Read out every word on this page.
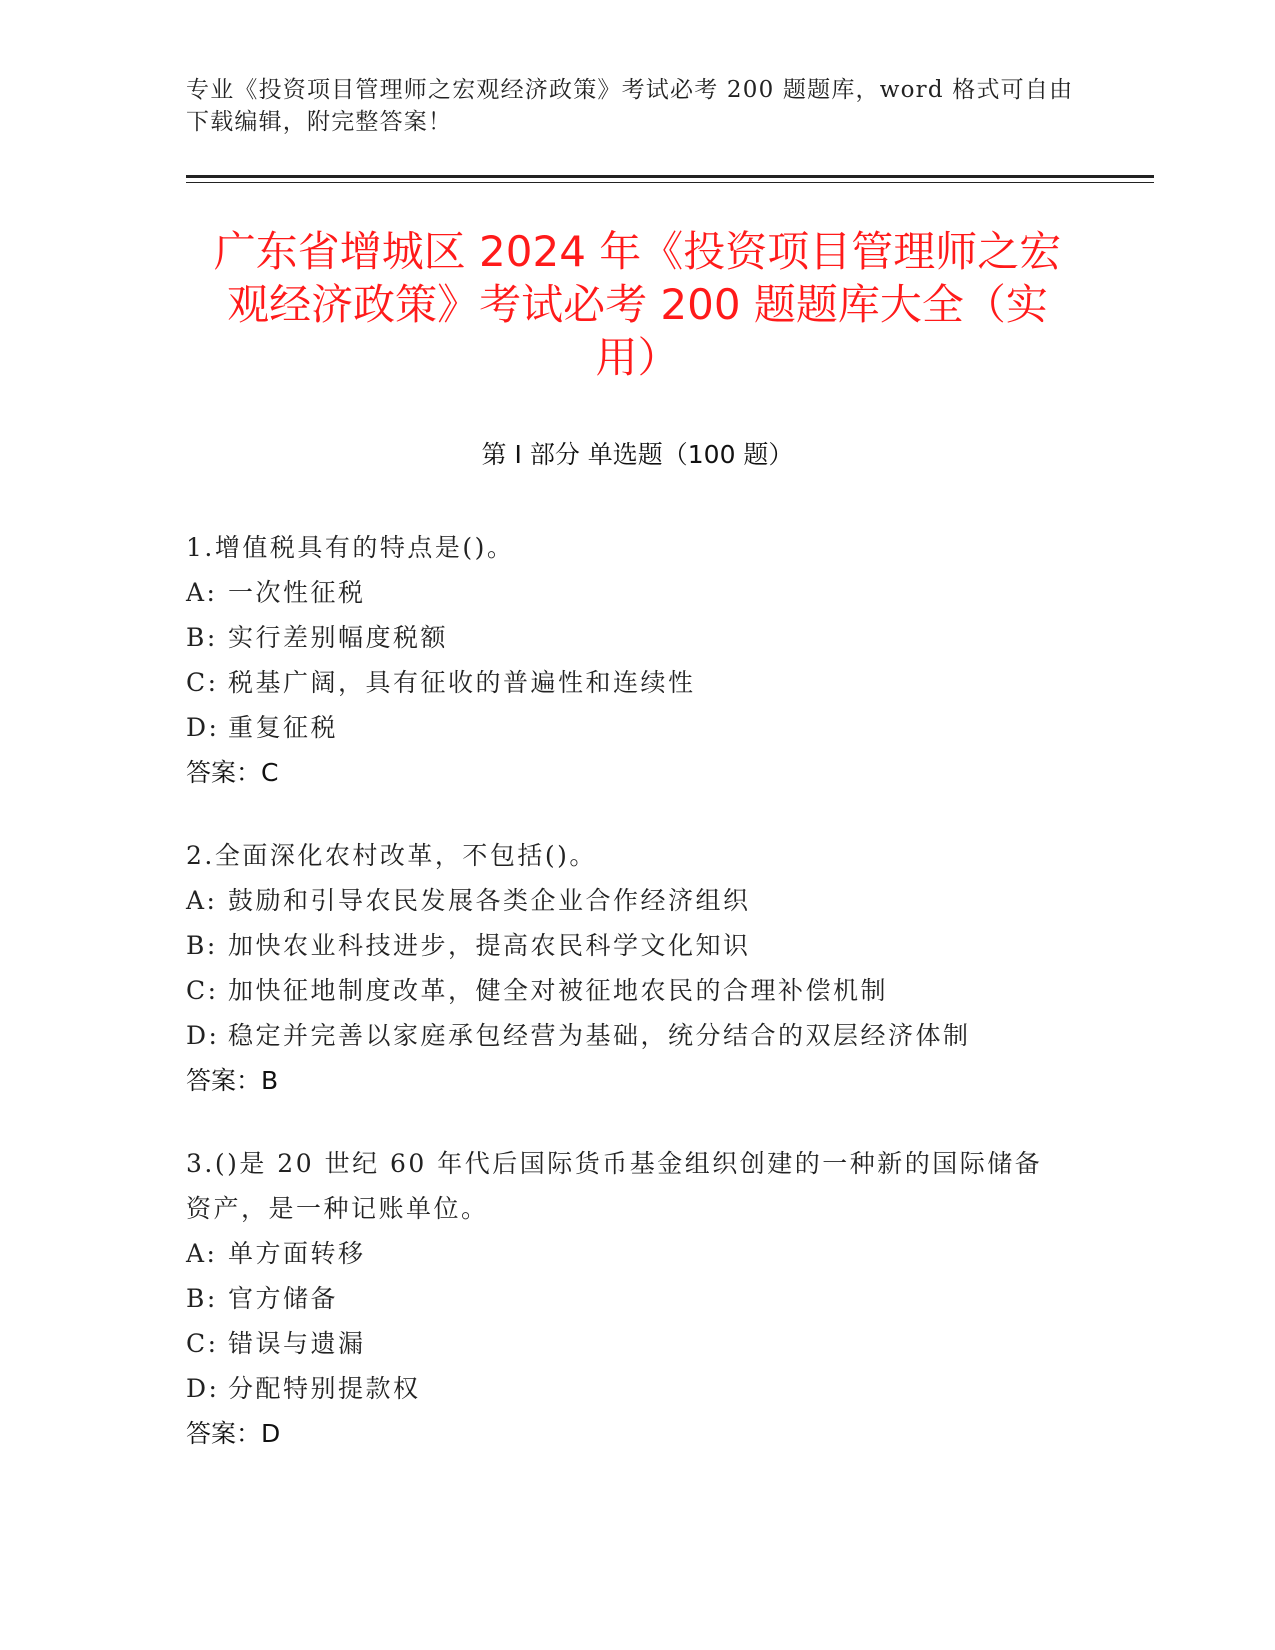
专业《投资项目管理师之宏观经济政策》考试必考 200 题题库，word 格式可自由
下载编辑，附完整答案！
广东省增城区 2024 年《投资项目管理师之宏
观经济政策》考试必考 200 题题库大全（实
用）
第 I 部分 单选题（100 题）
1.增值税具有的特点是()。
A: 一次性征税
B: 实行差别幅度税额
C: 税基广阔，具有征收的普遍性和连续性
D: 重复征税
答案：C
2.全面深化农村改革，不包括()。
A: 鼓励和引导农民发展各类企业合作经济组织
B: 加快农业科技进步，提高农民科学文化知识
C: 加快征地制度改革，健全对被征地农民的合理补偿机制
D: 稳定并完善以家庭承包经营为基础，统分结合的双层经济体制
答案：B
3.()是 20 世纪 60 年代后国际货币基金组织创建的一种新的国际储备
资产，是一种记账单位。
A: 单方面转移
B: 官方储备
C: 错误与遗漏
D: 分配特别提款权
答案：D
